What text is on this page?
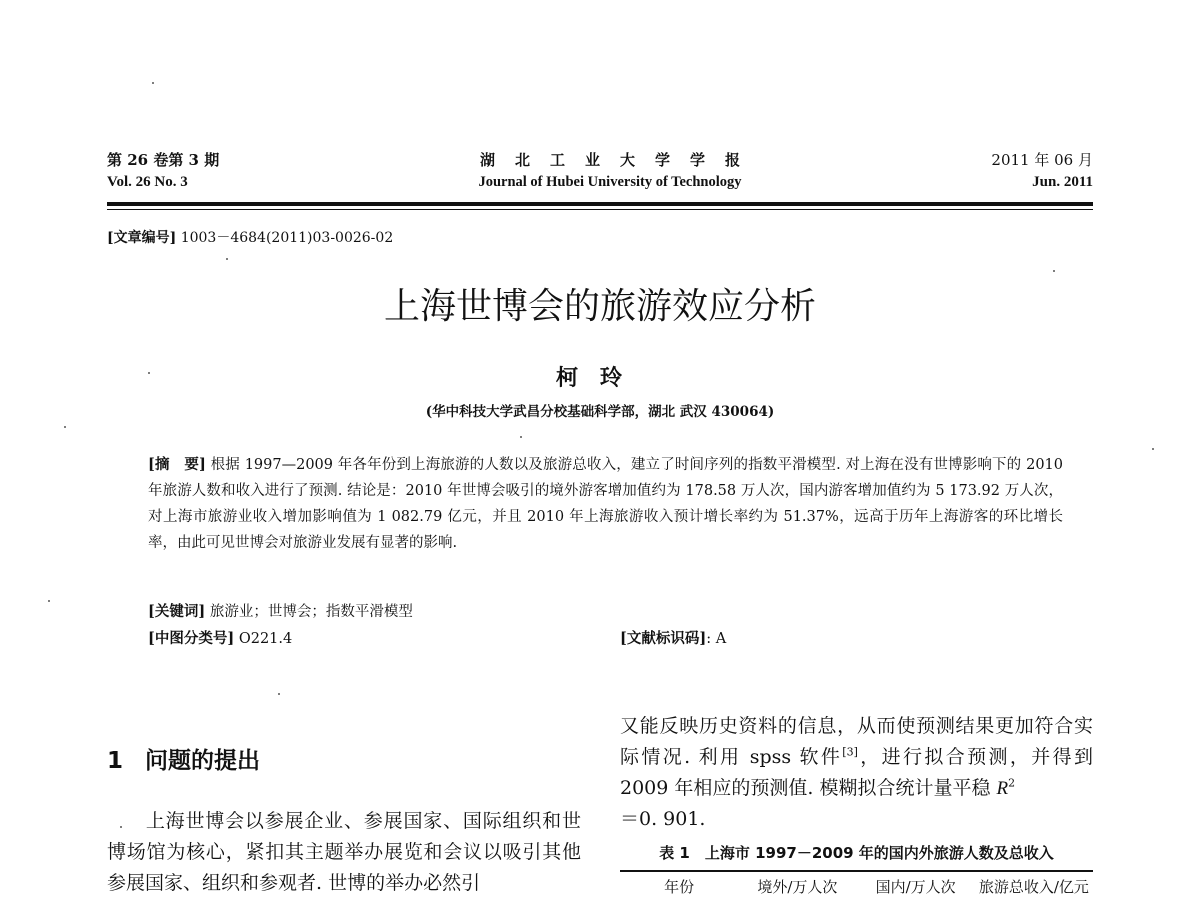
第 26 卷第 3 期
Vol. 26 No. 3
湖北工业大学学报
Journal of Hubei University of Technology
2011 年 06 月
Jun. 2011
[文章编号] 1003－4684(2011)03-0026-02
上海世博会的旅游效应分析
柯玲
(华中科技大学武昌分校基础科学部，湖北 武汉 430064)
[摘　要] 根据 1997—2009 年各年份到上海旅游的人数以及旅游总收入，建立了时间序列的指数平滑模型. 对上海在没有世博影响下的 2010 年旅游人数和收入进行了预测. 结论是：2010 年世博会吸引的境外游客增加值约为 178.58 万人次，国内游客增加值约为 5 173.92 万人次，对上海市旅游业收入增加影响值为 1 082.79 亿元，并且 2010 年上海旅游收入预计增长率约为 51.37%，远高于历年上海游客的环比增长率，由此可见世博会对旅游业发展有显著的影响.
[关键词] 旅游业；世博会；指数平滑模型
[中图分类号] O221.4	[文献标识码]: A
1 问题的提出
上海世博会以参展企业、参展国家、国际组织和世博场馆为核心，紧扣其主题举办展览和会议以吸引其他参展国家、组织和参观者. 世博的举办必然引
又能反映历史资料的信息，从而使预测结果更加符合实际情况. 利用 spss 软件[3]，进行拟合预测，并得到 2009 年相应的预测值. 模糊拟合统计量平稳 $R^2$
＝0. 901.
表 1　上海市 1997－2009 年的国内外旅游人数及总收入
年份	境外/万人次	国内/万人次	旅游总收入/亿元
